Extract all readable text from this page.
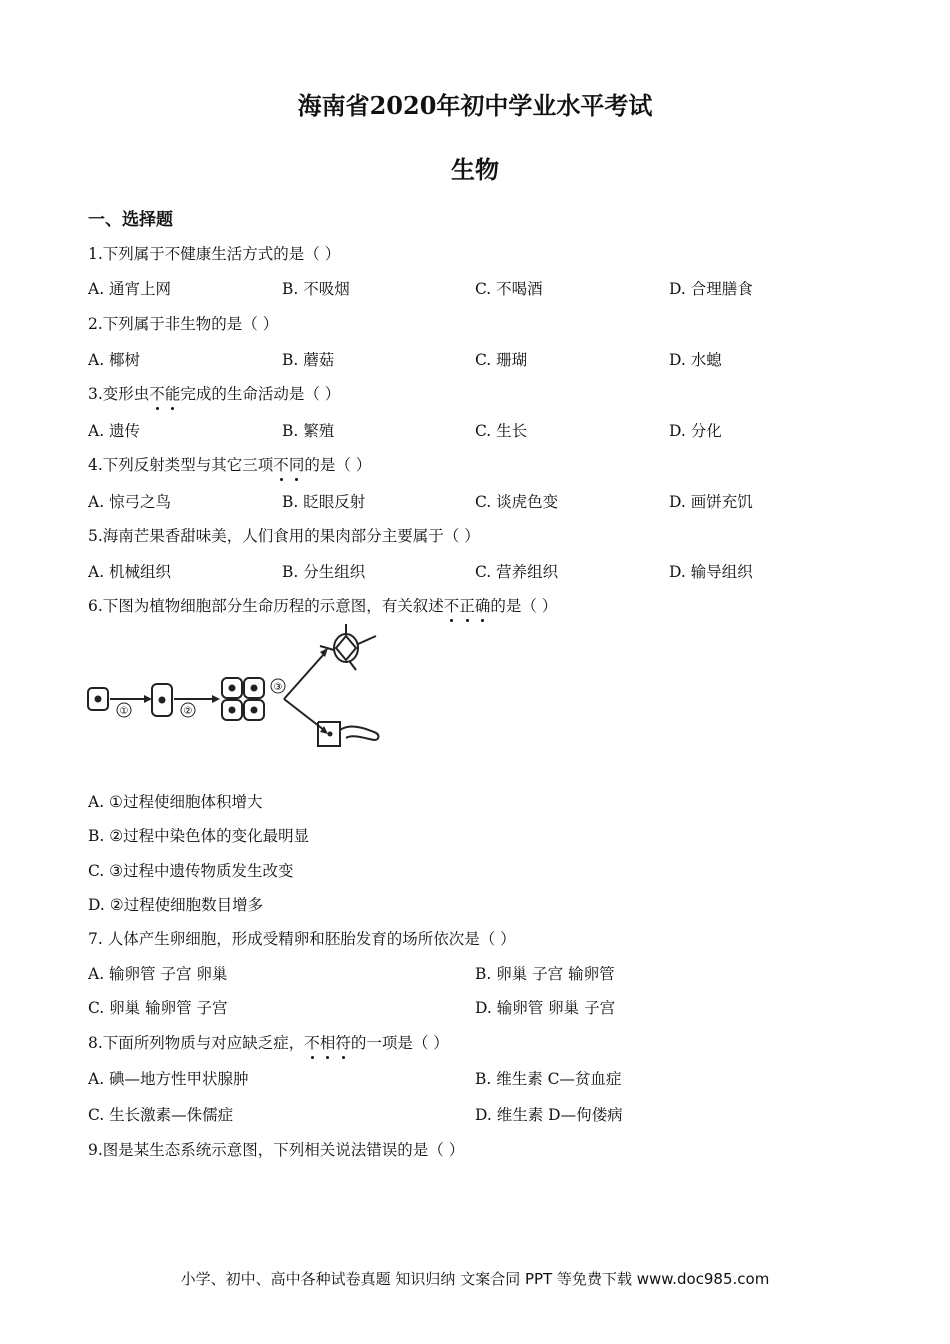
海南省2020年初中学业水平考试
生物
一、选择题
1.下列属于不健康生活方式的是（ ）
A. 通宵上网	B. 不吸烟	C. 不喝酒	D. 合理膳食
2.下列属于非生物的是（ ）
A. 椰树	B. 蘑菇	C. 珊瑚	D. 水螅
3.变形虫不能完成的生命活动是（ ）
A. 遗传	B. 繁殖	C. 生长	D. 分化
4.下列反射类型与其它三项不同的是（ ）
A. 惊弓之鸟	B. 眨眼反射	C. 谈虎色变	D. 画饼充饥
5.海南芒果香甜味美，人们食用的果肉部分主要属于（ ）
A. 机械组织	B. 分生组织	C. 营养组织	D. 输导组织
6.下图为植物细胞部分生命历程的示意图，有关叙述不正确的是（ ）
①	②
③
A. ①过程使细胞体积增大
B. ②过程中染色体的变化最明显
C. ③过程中遗传物质发生改变
D. ②过程使细胞数目增多
7. 人体产生卵细胞，形成受精卵和胚胎发育的场所依次是（ ）
A. 输卵管 子宫 卵巢	B. 卵巢 子宫 输卵管
C. 卵巢 输卵管 子宫	D. 输卵管 卵巢 子宫
8.下面所列物质与对应缺乏症，不相符的一项是（ ）
A. 碘—地方性甲状腺肿	B. 维生素 C—贫血症
C. 生长激素—侏儒症	D. 维生素 D—佝偻病
9.图是某生态系统示意图，下列相关说法错误的是（ ）
小学、初中、高中各种试卷真题 知识归纳 文案合同 PPT 等免费下载 www.doc985.com
